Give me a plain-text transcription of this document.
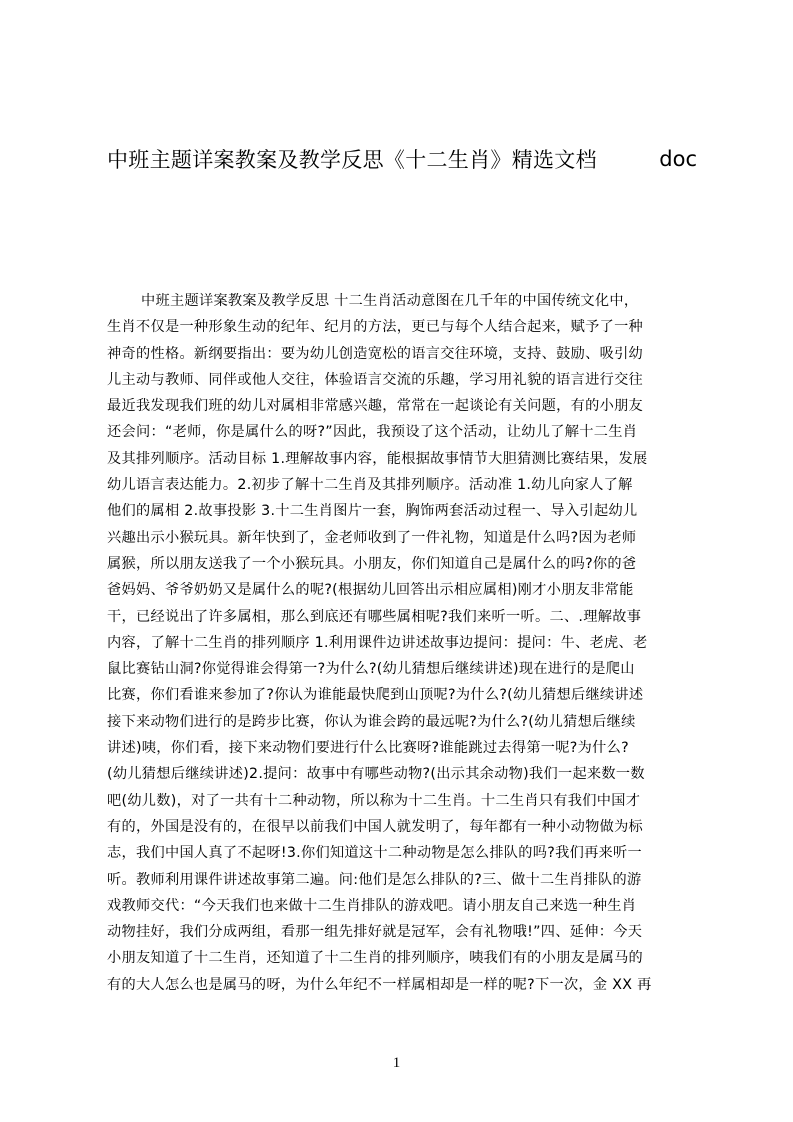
中班主题详案教案及教学反思《十二生肖》精选文档	doc
中班主题详案教案及教学反思 十二生肖活动意图在几千年的中国传统文化中，
生肖不仅是一种形象生动的纪年、纪月的方法，更已与每个人结合起来，赋予了一种
神奇的性格。新纲要指出：要为幼儿创造宽松的语言交往环境，支持、鼓励、吸引幼
儿主动与教师、同伴或他人交往，体验语言交流的乐趣，学习用礼貌的语言进行交往
最近我发现我们班的幼儿对属相非常感兴趣，常常在一起谈论有关问题，有的小朋友
还会问：“老师，你是属什么的呀?”因此，我预设了这个活动，让幼儿了解十二生肖
及其排列顺序。活动目标 1.理解故事内容，能根据故事情节大胆猜测比赛结果，发展
幼儿语言表达能力。2.初步了解十二生肖及其排列顺序。活动准 1.幼儿向家人了解
他们的属相 2.故事投影 3.十二生肖图片一套，胸饰两套活动过程一、导入引起幼儿
兴趣出示小猴玩具。新年快到了，金老师收到了一件礼物，知道是什么吗?因为老师
属猴，所以朋友送我了一个小猴玩具。小朋友，你们知道自己是属什么的吗?你的爸
爸妈妈、爷爷奶奶又是属什么的呢?(根据幼儿回答出示相应属相)刚才小朋友非常能
干，已经说出了许多属相，那么到底还有哪些属相呢?我们来听一听。二、.理解故事
内容，了解十二生肖的排列顺序 1.利用课件边讲述故事边提问：提问：牛、老虎、老
鼠比赛钻山洞?你觉得谁会得第一?为什么?(幼儿猜想后继续讲述)现在进行的是爬山
比赛，你们看谁来参加了?你认为谁能最快爬到山顶呢?为什么?(幼儿猜想后继续讲述
接下来动物们进行的是跨步比赛，你认为谁会跨的最远呢?为什么?(幼儿猜想后继续
讲述)咦，你们看，接下来动物们要进行什么比赛呀?谁能跳过去得第一呢?为什么?
(幼儿猜想后继续讲述)2.提问：故事中有哪些动物?(出示其余动物)我们一起来数一数
吧(幼儿数)，对了一共有十二种动物，所以称为十二生肖。十二生肖只有我们中国才
有的，外国是没有的，在很早以前我们中国人就发明了，每年都有一种小动物做为标
志，我们中国人真了不起呀!3.你们知道这十二种动物是怎么排队的吗?我们再来听一
听。教师利用课件讲述故事第二遍。问:他们是怎么排队的?三、做十二生肖排队的游
戏教师交代：“今天我们也来做十二生肖排队的游戏吧。请小朋友自己来选一种生肖
动物挂好，我们分成两组，看那一组先排好就是冠军，会有礼物哦!”四、延伸：今天
小朋友知道了十二生肖，还知道了十二生肖的排列顺序，咦我们有的小朋友是属马的
有的大人怎么也是属马的呀，为什么年纪不一样属相却是一样的呢?下一次，金 XX 再
1
